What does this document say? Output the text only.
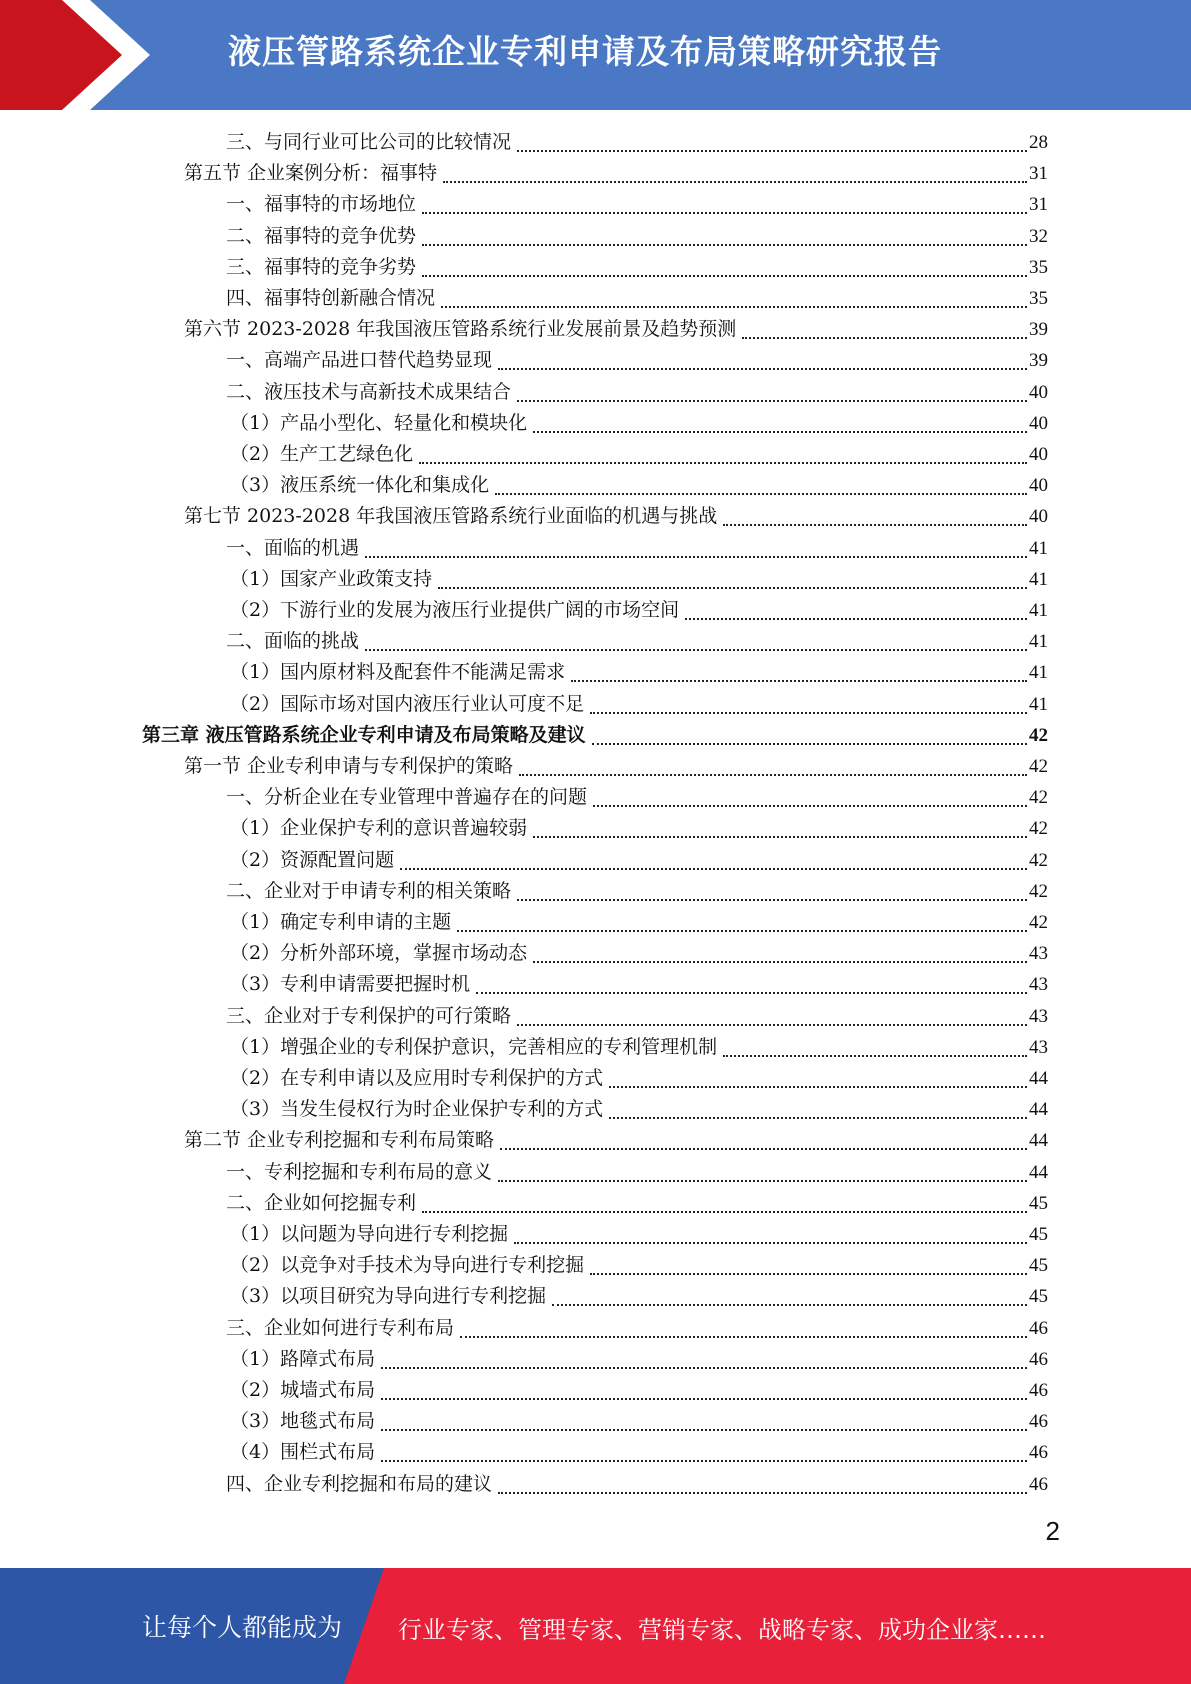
液压管路系统企业专利申请及布局策略研究报告
三、与同行业可比公司的比较情况	28
第五节 企业案例分析：福事特	31
一、福事特的市场地位	31
二、福事特的竞争优势	32
三、福事特的竞争劣势	35
四、福事特创新融合情况	35
第六节 2023-2028 年我国液压管路系统行业发展前景及趋势预测	39
一、高端产品进口替代趋势显现	39
二、液压技术与高新技术成果结合	40
（1）产品小型化、轻量化和模块化	40
（2）生产工艺绿色化	40
（3）液压系统一体化和集成化	40
第七节 2023-2028 年我国液压管路系统行业面临的机遇与挑战	40
一、面临的机遇	41
（1）国家产业政策支持	41
（2）下游行业的发展为液压行业提供广阔的市场空间	41
二、面临的挑战	41
（1）国内原材料及配套件不能满足需求	41
（2）国际市场对国内液压行业认可度不足	41
第三章 液压管路系统企业专利申请及布局策略及建议	42
第一节 企业专利申请与专利保护的策略	42
一、分析企业在专业管理中普遍存在的问题	42
（1）企业保护专利的意识普遍较弱	42
（2）资源配置问题	42
二、企业对于申请专利的相关策略	42
（1）确定专利申请的主题	42
（2）分析外部环境，掌握市场动态	43
（3）专利申请需要把握时机	43
三、企业对于专利保护的可行策略	43
（1）增强企业的专利保护意识，完善相应的专利管理机制	43
（2）在专利申请以及应用时专利保护的方式	44
（3）当发生侵权行为时企业保护专利的方式	44
第二节 企业专利挖掘和专利布局策略	44
一、专利挖掘和专利布局的意义	44
二、企业如何挖掘专利	45
（1）以问题为导向进行专利挖掘	45
（2）以竞争对手技术为导向进行专利挖掘	45
（3）以项目研究为导向进行专利挖掘	45
三、企业如何进行专利布局	46
（1）路障式布局	46
（2）城墙式布局	46
（3）地毯式布局	46
（4）围栏式布局	46
四、企业专利挖掘和布局的建议	46
2
让每个人都能成为 行业专家、管理专家、营销专家、战略专家、成功企业家……
